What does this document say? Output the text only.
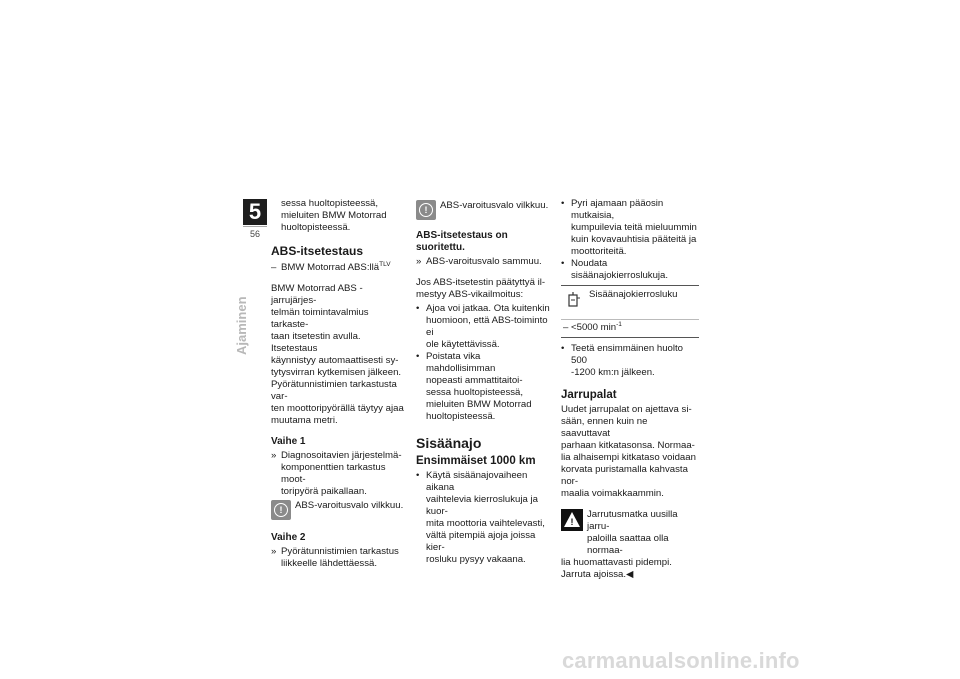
5
56
Ajaminen

sessa huoltopisteessä,
mieluiten BMW Motorrad
huoltopisteessä.

ABS-itsetestaus

– BMW Motorrad ABS:llä$^{TLV}$

BMW Motorrad ABS -jarrujärjes-
telmän toimintavalmius tarkaste-
taan itsetestin avulla. Itsetestaus
käynnistyy automaattisesti sy-
tytysvirran kytkemisen jälkeen.
Pyörätunnistimien tarkastusta var-
ten moottoripyörällä täytyy ajaa
muutama metri.

Vaihe 1
» Diagnosoitavien järjestelmä-
komponenttien tarkastus moot-
toripyörä paikallaan.
!	ABS-varoitusvalo vilkkuu.
Vaihe 2
» Pyörätunnistimien tarkastus
liikkeelle lähdettäessä.
!	ABS-varoitusvalo vilkkuu.
ABS-itsetestaus on
suoritettu.

» ABS-varoitusvalo sammuu.

Jos ABS-itsetestin päätyttyä il-
mestyy ABS-vikailmoitus:

• Ajoa voi jatkaa. Ota kuitenkin
huomioon, että ABS-toiminto ei
ole käytettävissä.
• Poistata vika mahdollisimman
nopeasti ammattitaitoi-
sessa huoltopisteessä,
mieluiten BMW Motorrad
huoltopisteessä.
Sisäänajo
Ensimmäiset 1000 km
• Käytä sisäänajovaiheen aikana
vaihtelevia kierroslukuja ja kuor-
mita moottoria vaihtelevasti,
vältä pitempiä ajoja joissa kier-
rosluku pysyy vakaana.
• Pyri ajamaan pääosin mutkaisia,
kumpuilevia teitä mieluummin
kuin kovavauhtisia pääteitä ja
moottoriteitä.
• Noudata sisäänajokierroslukuja.
Sisäänajokierrosluku
– <5000 $\min^{-1}$

• Teetä ensimmäinen huolto 500
-1200 km:n jälkeen.

Jarrupalat

Uudet jarrupalat on ajettava si-
sään, ennen kuin ne saavuttavat
parhaan kitkatasonsa. Normaa-
lia alhaisempi kitkataso voidaan
korvata puristamalla kahvasta nor-
maalia voimakkaammin.

!
Jarrutusmatka uusilla jarru-
paloilla saattaa olla normaa-
lia huomattavasti pidempi.
Jarruta ajoissa.◀
carmanualsonline.info
